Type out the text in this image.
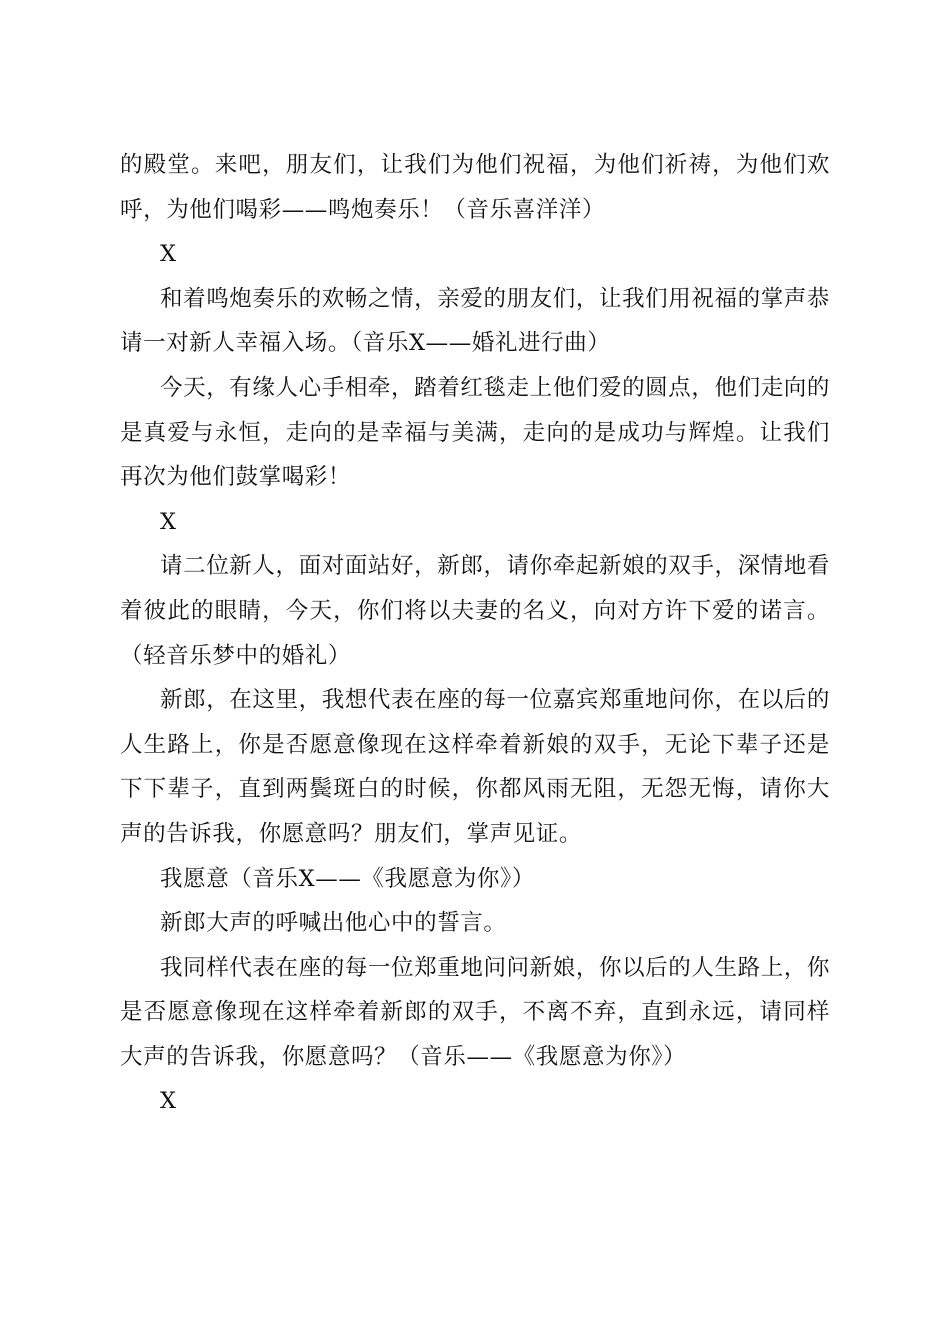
的殿堂。来吧，朋友们，让我们为他们祝福，为他们祈祷，为他们欢呼，为他们喝彩——鸣炮奏乐！（音乐喜洋洋）

X

和着鸣炮奏乐的欢畅之情，亲爱的朋友们，让我们用祝福的掌声恭请一对新人幸福入场。（音乐X——婚礼进行曲）

今天，有缘人心手相牵，踏着红毯走上他们爱的圆点，他们走向的是真爱与永恒，走向的是幸福与美满，走向的是成功与辉煌。让我们再次为他们鼓掌喝彩！

X

请二位新人，面对面站好，新郎，请你牵起新娘的双手，深情地看着彼此的眼睛，今天，你们将以夫妻的名义，向对方许下爱的诺言。（轻音乐梦中的婚礼）

新郎，在这里，我想代表在座的每一位嘉宾郑重地问你，在以后的人生路上，你是否愿意像现在这样牵着新娘的双手，无论下辈子还是下下辈子，直到两鬓斑白的时候，你都风雨无阻，无怨无悔，请你大声的告诉我，你愿意吗？朋友们，掌声见证。

我愿意（音乐X——《我愿意为你》）

新郎大声的呼喊出他心中的誓言。

我同样代表在座的每一位郑重地问问新娘，你以后的人生路上，你是否愿意像现在这样牵着新郎的双手，不离不弃，直到永远，请同样大声的告诉我，你愿意吗？（音乐——《我愿意为你》）

X
